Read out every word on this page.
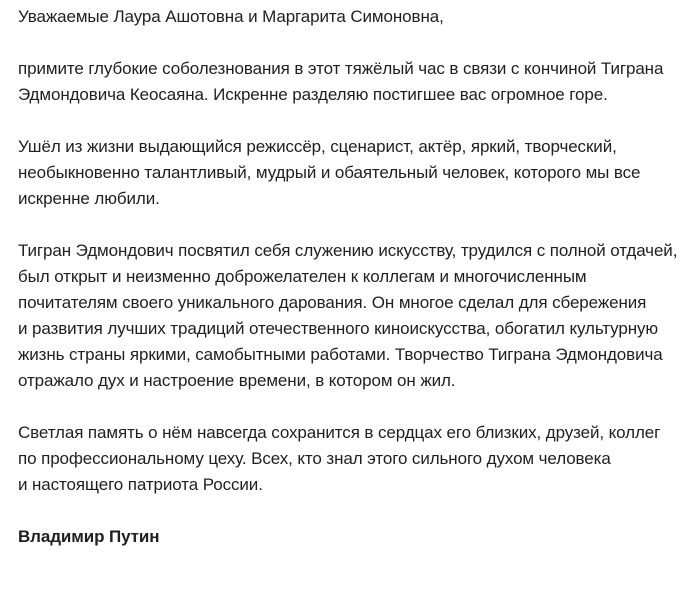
Уважаемые Лаура Ашотовна и Маргарита Симоновна,

примите глубокие соболезнования в этот тяжёлый час в связи с кончиной Тиграна

Эдмондовича Кеосаяна. Искренне разделяю постигшее вас огромное горе.

Ушёл из жизни выдающийся режиссёр, сценарист, актёр, яркий, творческий,

необыкновенно талантливый, мудрый и обаятельный человек, которого мы все

искренне любили.

Тигран Эдмондович посвятил себя служению искусству, трудился с полной отдачей,

был открыт и неизменно доброжелателен к коллегам и многочисленным

почитателям своего уникального дарования. Он многое сделал для сбережения

и развития лучших традиций отечественного киноискусства, обогатил культурную

жизнь страны яркими, самобытными работами. Творчество Тиграна Эдмондовича

отражало дух и настроение времени, в котором он жил.

Светлая память о нём навсегда сохранится в сердцах его близких, друзей, коллег

по профессиональному цеху. Всех, кто знал этого сильного духом человека

и настоящего патриота России.

Владимир Путин
